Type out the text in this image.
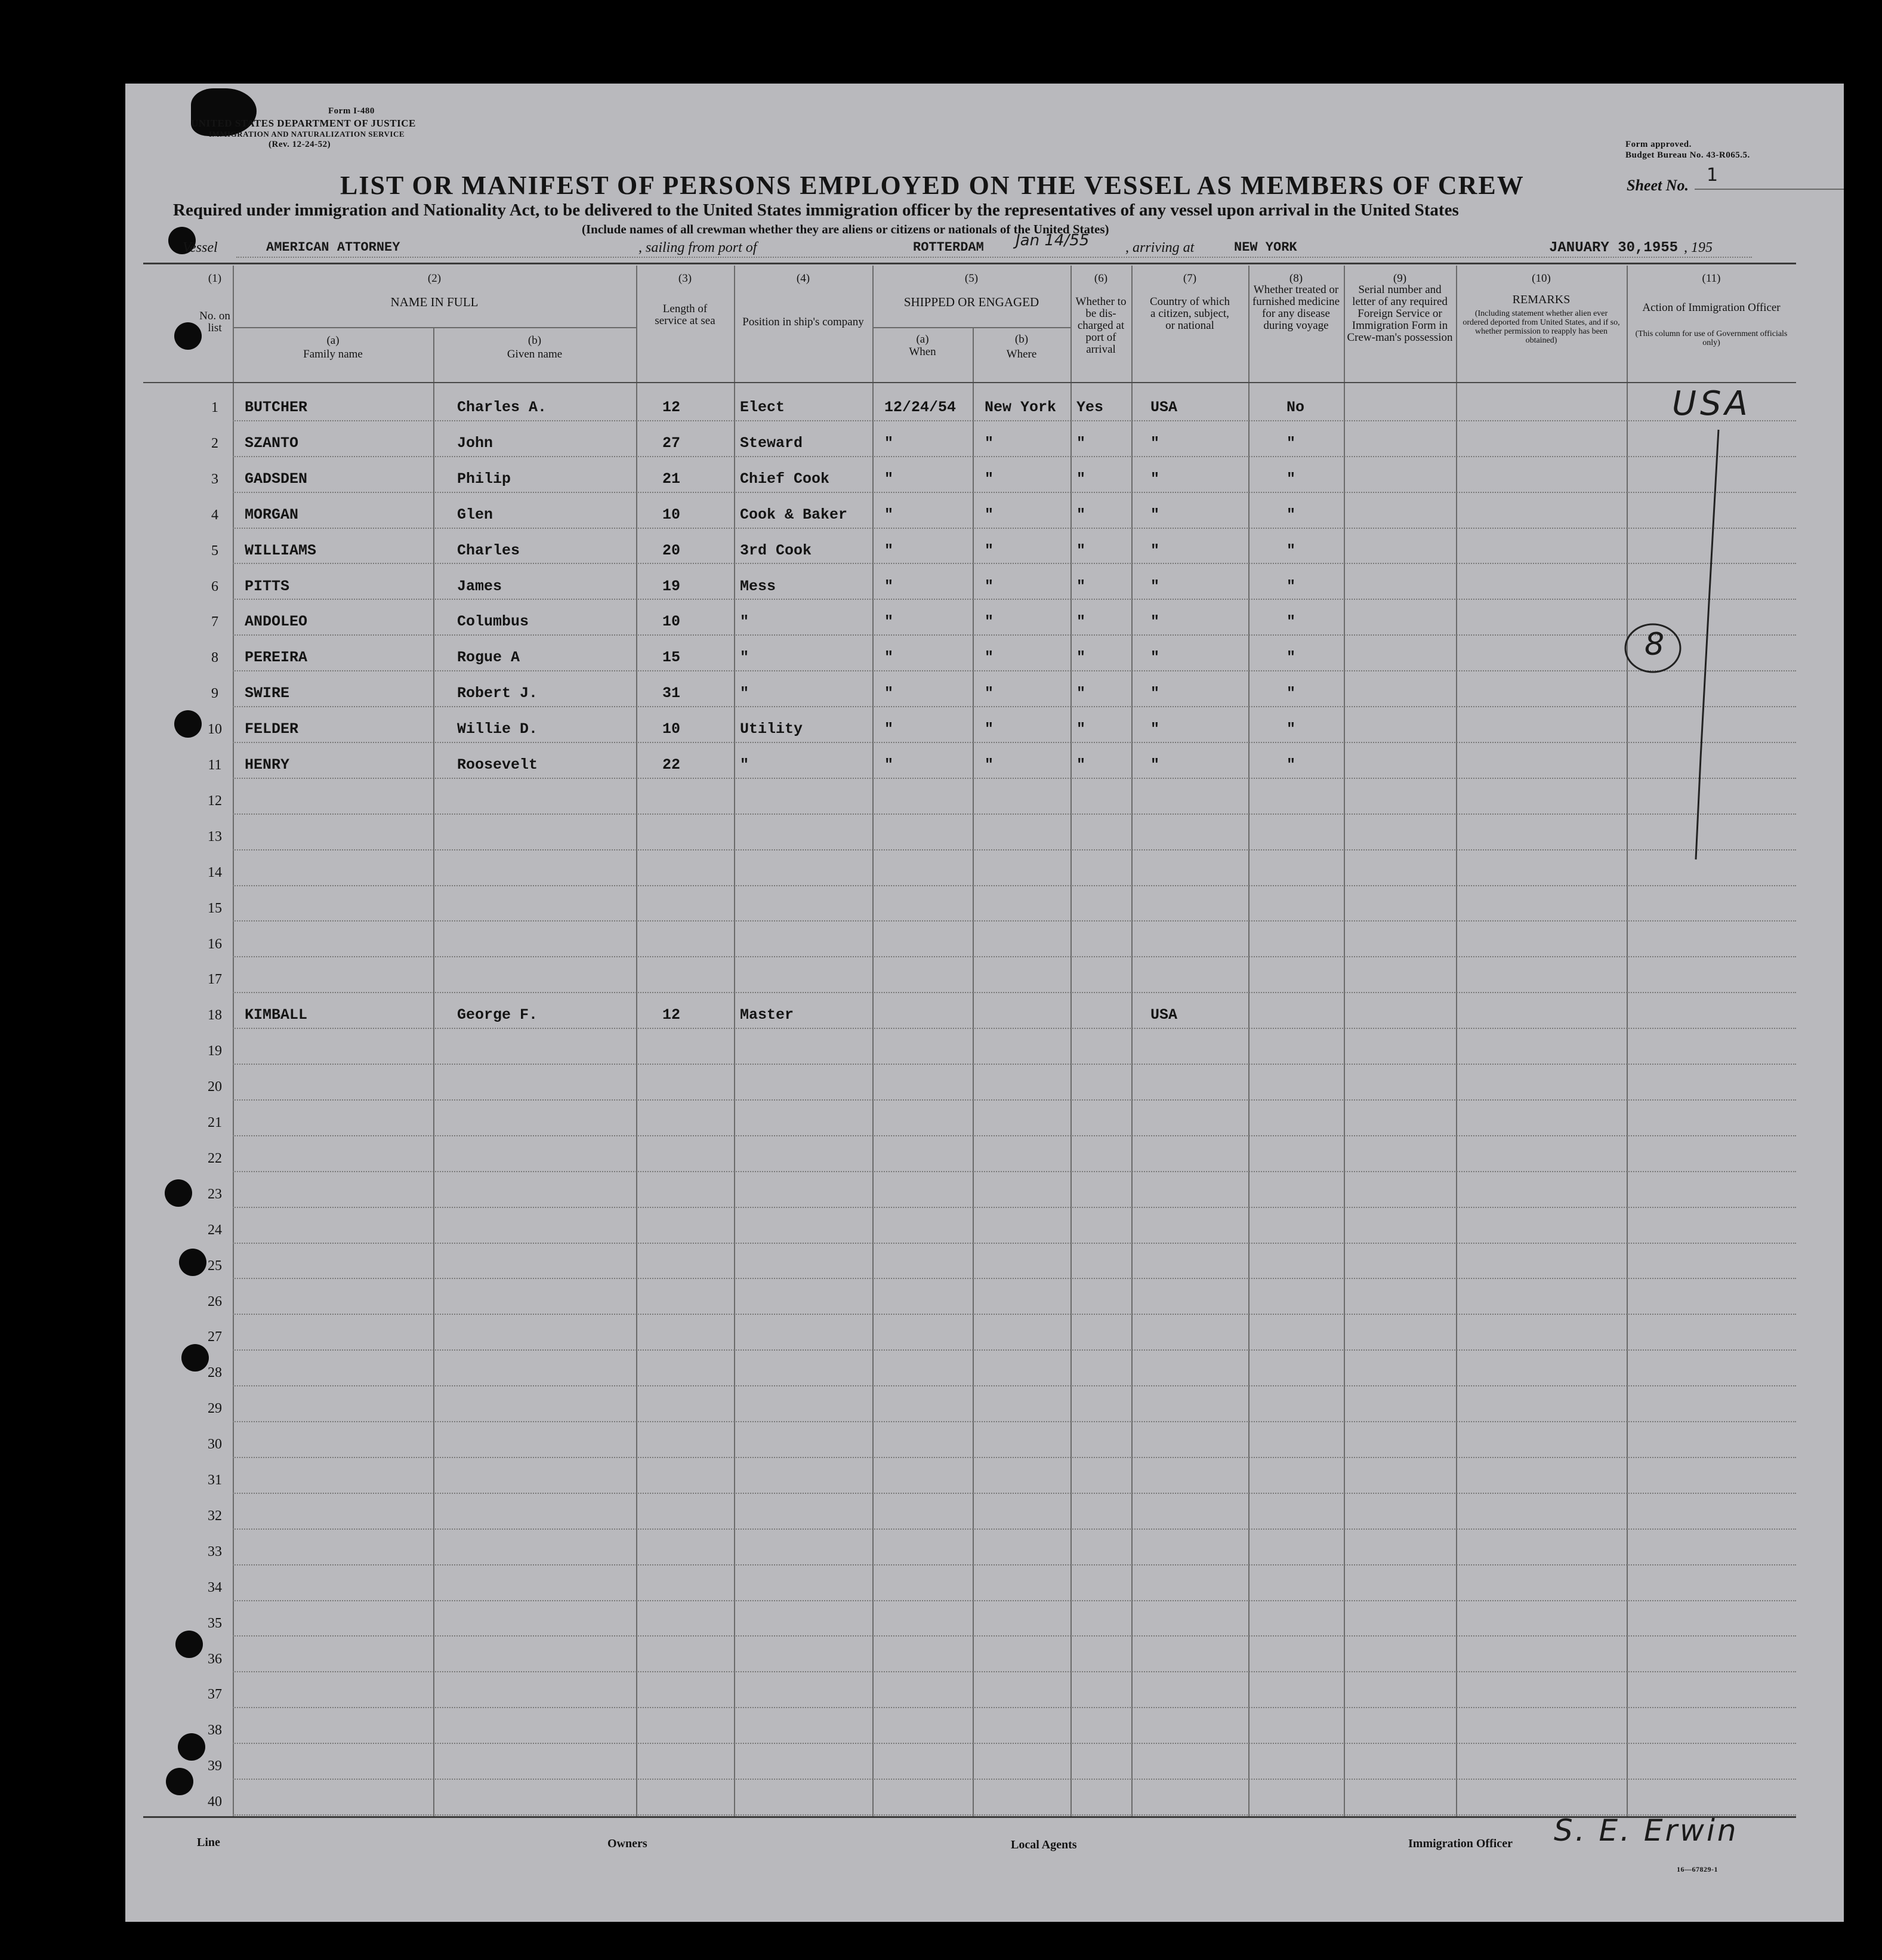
Form I-480
UNITED STATES DEPARTMENT OF JUSTICE
IMMIGRATION AND NATURALIZATION SERVICE
(Rev. 12-24-52)	Form approved.
Budget Bureau No. 43-R065.5.
Sheet No. 1
LIST OR MANIFEST OF PERSONS EMPLOYED ON THE VESSEL AS MEMBERS OF CREW
Required under immigration and Nationality Act, to be delivered to the United States immigration officer by the representatives of any vessel upon arrival in the United States
(Include names of all crewman whether they are aliens or citizens or nationals of the United States)
Vessel	AMERICAN ATTORNEY	, sailing from port of	ROTTERDAM Jan 14/55	, arriving at	NEW YORK	JANUARY 30,1955 , 195
(1)
No. on list
(2)
NAME IN FULL
(a)
Family name
(b)
Given name
(3)
Length of service at sea
(4)
Position in ship's company
(5)
SHIPPED OR ENGAGED
(a)
When
(b)
Where
(6)
Whether to be dis-charged at port of arrival
(7)
Country of which a citizen, subject, or national
(8)
Whether treated or furnished medicine for any disease during voyage
(9)
Serial number and letter of any required Foreign Service or Immigration Form in Crew-man's possession
(10)
REMARKS
(Including statement whether alien ever ordered deported from United States, and if so, whether permission to reapply has been obtained)
(11)
Action of Immigration Officer
(This column for use of Government officials only)
1	BUTCHER	Charles A.	12	Elect	12/24/54 New York Yes	USA	No
2	SZANTO	John	27	Steward	"	"	"	"	"
3	GADSDEN	Philip	21	Chief Cook	"	"	"	"	"
4	MORGAN	Glen	10	Cook & Baker "	"	"	"	"
5	WILLIAMS	Charles	20	3rd Cook	"	"	"	"	"
6	PITTS	James	19	Mess	"	"	"	"	"
7	ANDOLEO	Columbus	10	"	"	"	"	"	"
8	PEREIRA	Rogue A	15	"	"	"	"	"	"
9	SWIRE	Robert J.	31	"	"	"	"	"	"
10	FELDER	Willie D.	10	Utility	"	"	"	"	"
11	HENRY	Roosevelt	22	"	"	"	"	"	"
12
13
14
15
16
17
18	KIMBALL	George F.	12	Master	USA
19
20
21
22
23
24
25
26
27
28
29
30
31
32
33
34
35
36
37
38
39
40
USA
8
Line	Owners	Local Agents	Immigration Officer S. E. Erwin
16—67829-1
